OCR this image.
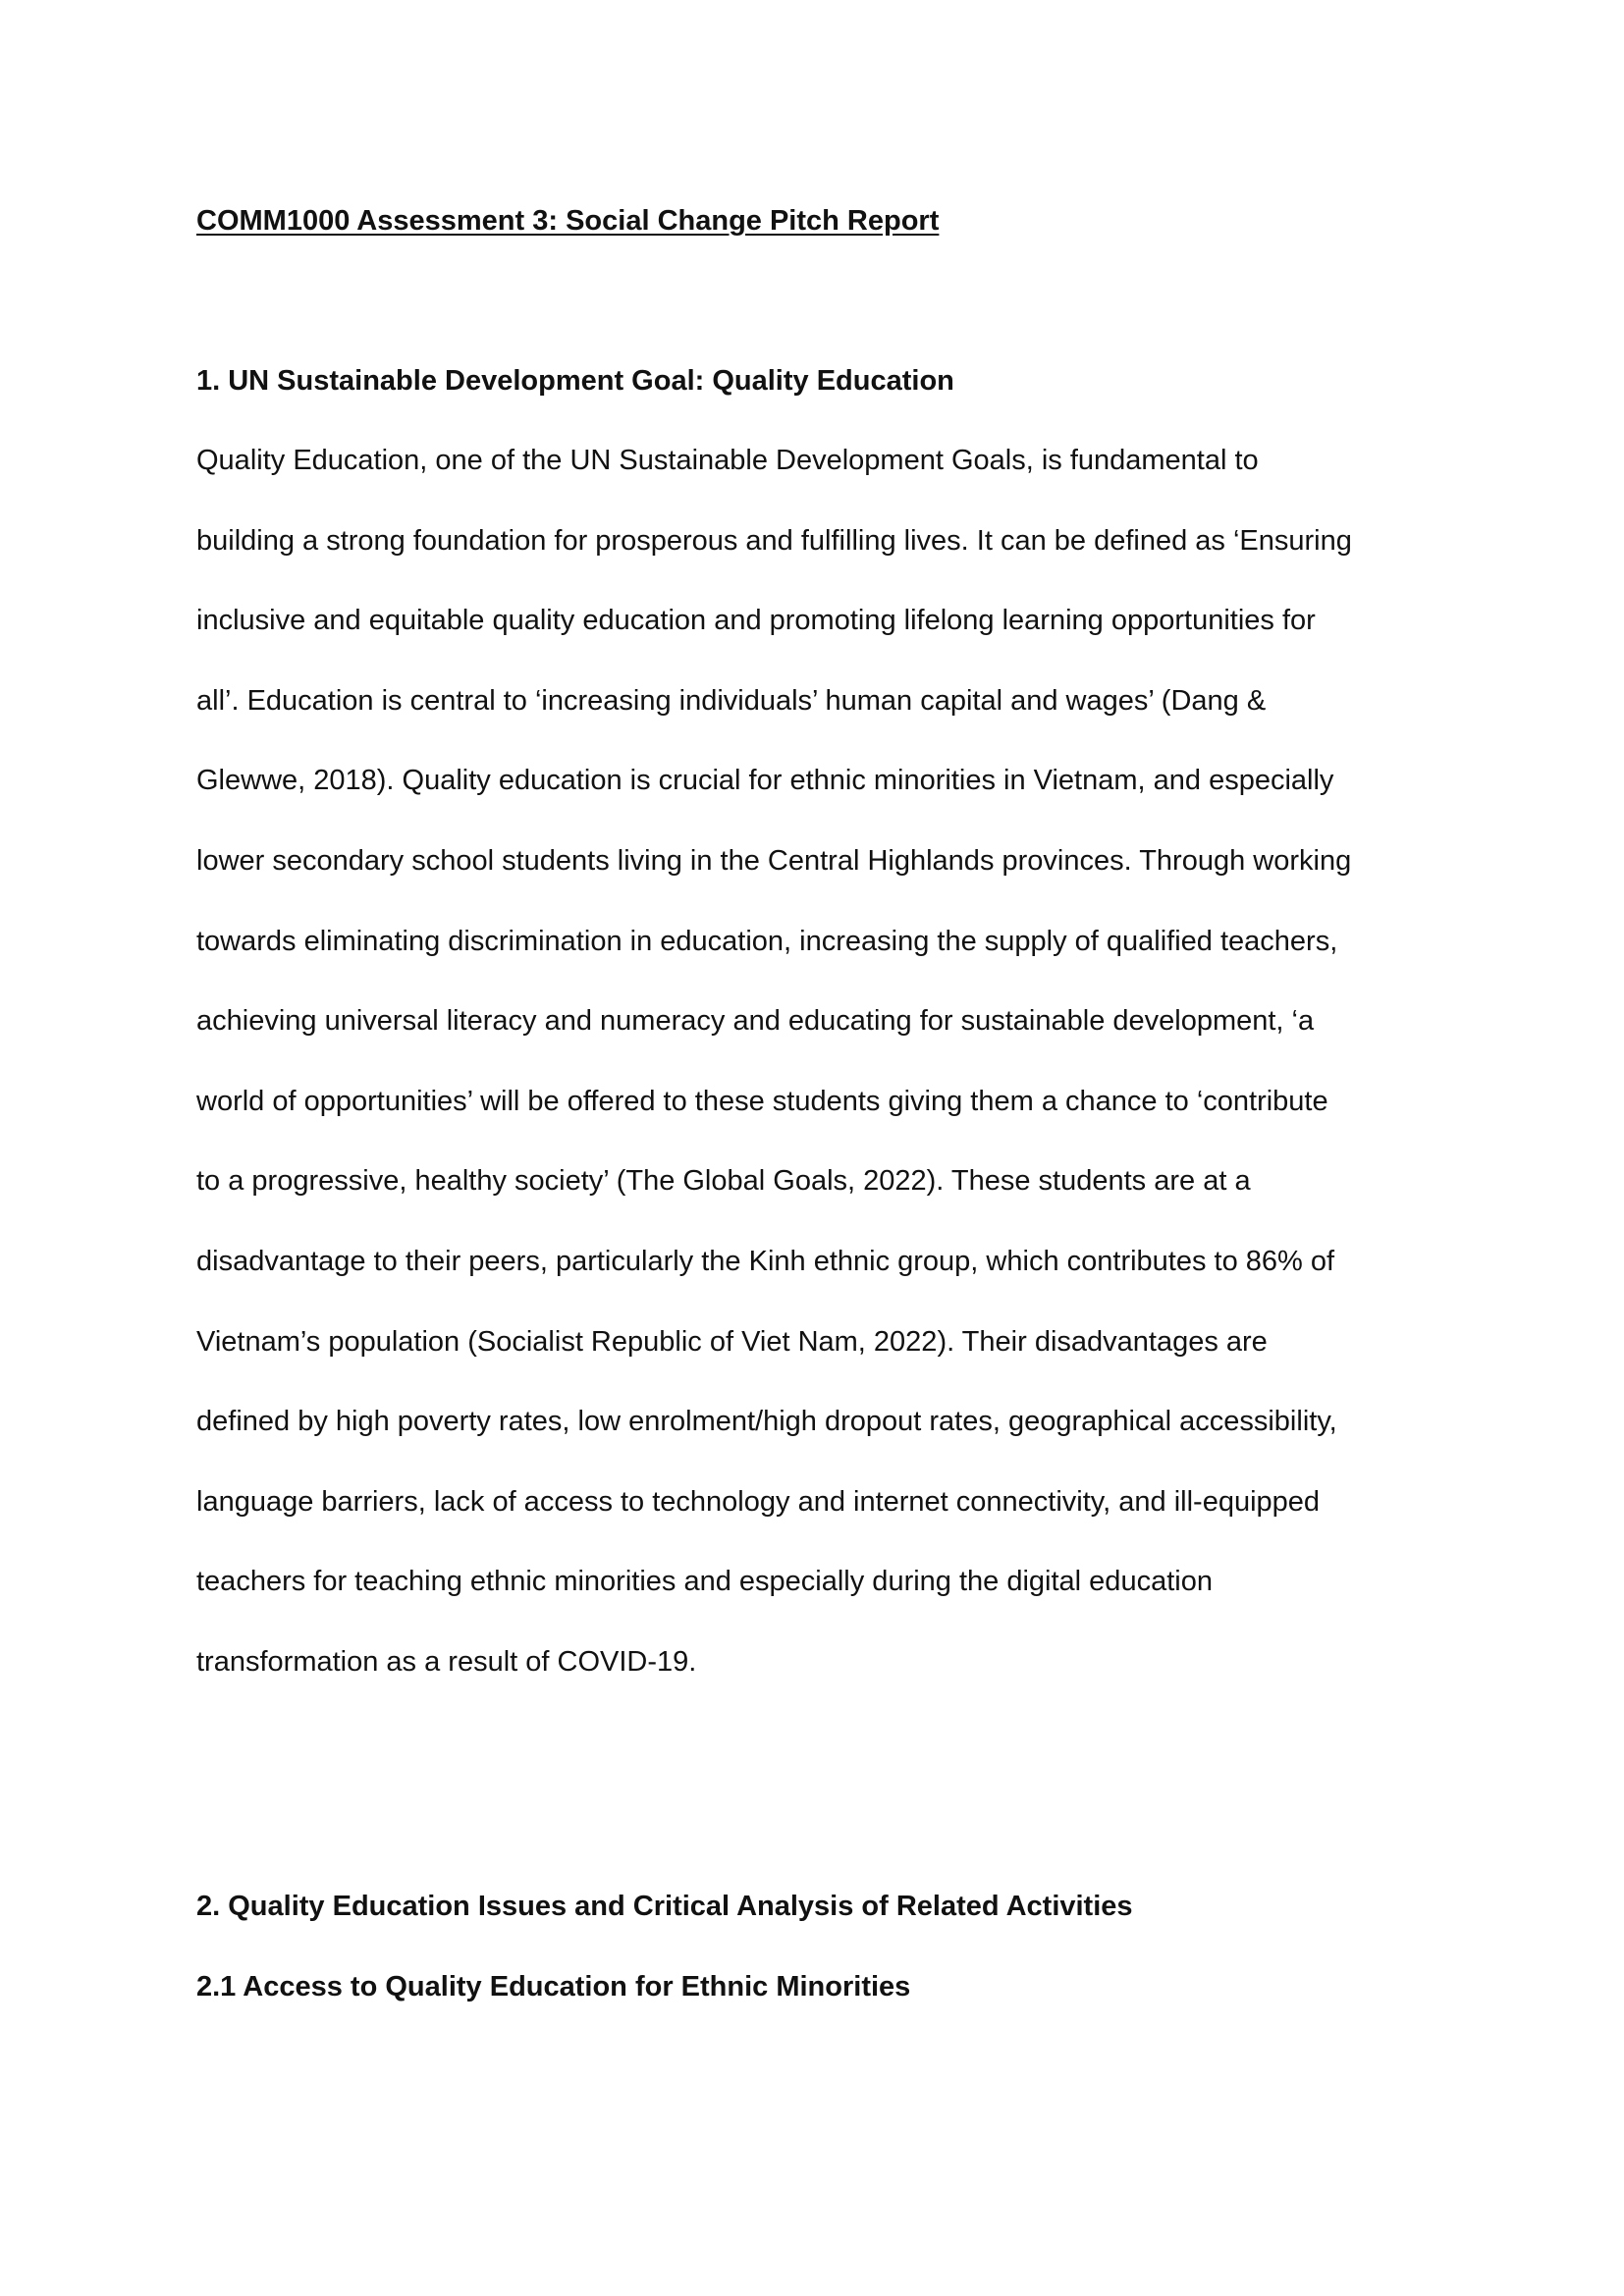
COMM1000 Assessment 3: Social Change Pitch Report
1. UN Sustainable Development Goal: Quality Education
Quality Education, one of the UN Sustainable Development Goals, is fundamental to
building a strong foundation for prosperous and fulfilling lives. It can be defined as ‘Ensuring
inclusive and equitable quality education and promoting lifelong learning opportunities for
all’. Education is central to ‘increasing individuals’ human capital and wages’ (Dang &
Glewwe, 2018). Quality education is crucial for ethnic minorities in Vietnam, and especially
lower secondary school students living in the Central Highlands provinces. Through working
towards eliminating discrimination in education, increasing the supply of qualified teachers,
achieving universal literacy and numeracy and educating for sustainable development, ‘a
world of opportunities’ will be offered to these students giving them a chance to ‘contribute
to a progressive, healthy society’ (The Global Goals, 2022). These students are at a
disadvantage to their peers, particularly the Kinh ethnic group, which contributes to 86% of
Vietnam’s population (Socialist Republic of Viet Nam, 2022). Their disadvantages are
defined by high poverty rates, low enrolment/high dropout rates, geographical accessibility,
language barriers, lack of access to technology and internet connectivity, and ill-equipped
teachers for teaching ethnic minorities and especially during the digital education
transformation as a result of COVID-19.
2. Quality Education Issues and Critical Analysis of Related Activities
2.1 Access to Quality Education for Ethnic Minorities
